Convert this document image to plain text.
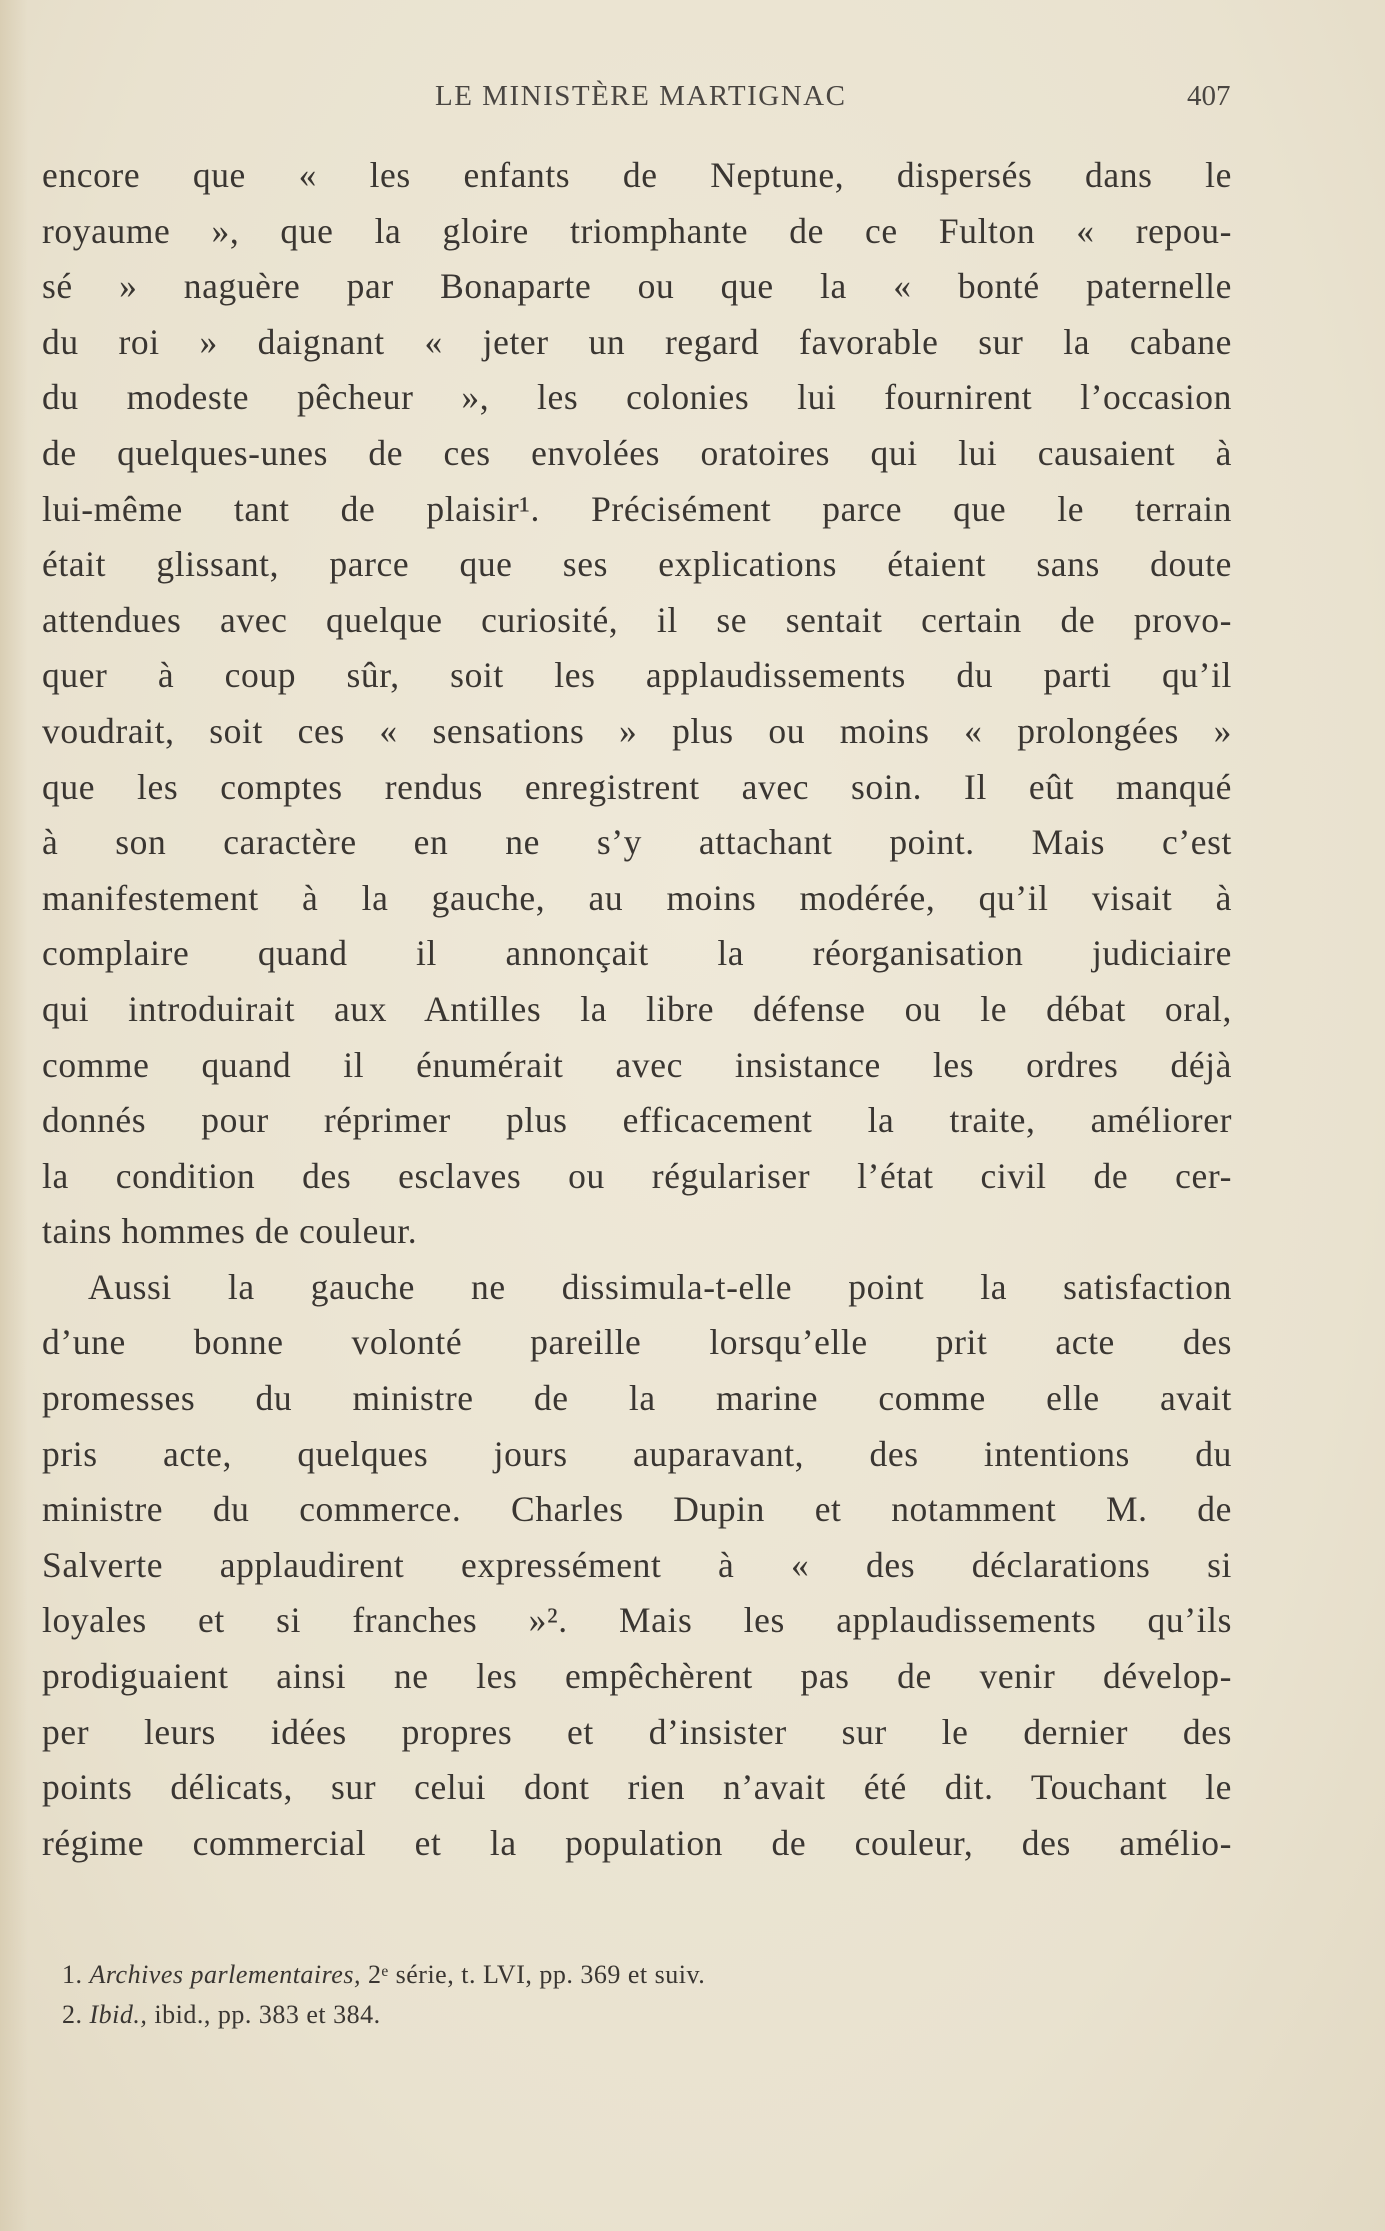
LE MINISTÈRE MARTIGNAC	407
encore que « les enfants de Neptune, dispersés dans le
royaume », que la gloire triomphante de ce Fulton « repou-
sé » naguère par Bonaparte ou que la « bonté paternelle
du roi » daignant « jeter un regard favorable sur la cabane
du modeste pêcheur », les colonies lui fournirent l’occasion
de quelques-unes de ces envolées oratoires qui lui causaient à
lui-même tant de plaisir¹. Précisément parce que le terrain
était glissant, parce que ses explications étaient sans doute
attendues avec quelque curiosité, il se sentait certain de provo-
quer à coup sûr, soit les applaudissements du parti qu’il
voudrait, soit ces « sensations » plus ou moins « prolongées »
que les comptes rendus enregistrent avec soin. Il eût manqué
à son caractère en ne s’y attachant point. Mais c’est
manifestement à la gauche, au moins modérée, qu’il visait à
complaire quand il annonçait la réorganisation judiciaire
qui introduirait aux Antilles la libre défense ou le débat oral,
comme quand il énumérait avec insistance les ordres déjà
donnés pour réprimer plus efficacement la traite, améliorer
la condition des esclaves ou régulariser l’état civil de cer-
tains hommes de couleur.
Aussi la gauche ne dissimula-t-elle point la satisfaction
d’une bonne volonté pareille lorsqu’elle prit acte des
promesses du ministre de la marine comme elle avait
pris acte, quelques jours auparavant, des intentions du
ministre du commerce. Charles Dupin et notamment M. de
Salverte applaudirent expressément à « des déclarations si
loyales et si franches »². Mais les applaudissements qu’ils
prodiguaient ainsi ne les empêchèrent pas de venir dévelop-
per leurs idées propres et d’insister sur le dernier des
points délicats, sur celui dont rien n’avait été dit. Touchant le
régime commercial et la population de couleur, des amélio-
1. Archives parlementaires, 2ᵉ série, t. LVI, pp. 369 et suiv.
2. Ibid., ibid., pp. 383 et 384.
